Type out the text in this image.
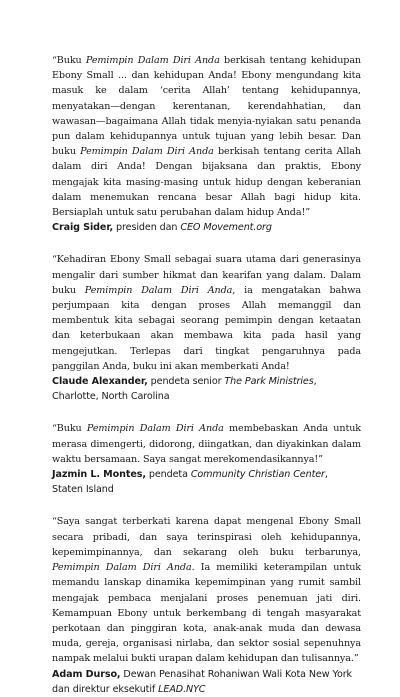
“Buku Pemimpin Dalam Diri Anda berkisah tentang kehidupan Ebony Small ... dan kehidupan Anda! Ebony mengundang kita masuk ke dalam ‘cerita Allah’ tentang kehidupannya, menyatakan—dengan kerentanan, kerendahhatian, dan wawasan—bagaimana Allah tidak menyia-nyiakan satu penanda pun dalam kehidupannya untuk tujuan yang lebih besar. Dan buku Pemimpin Dalam Diri Anda berkisah tentang cerita Allah dalam diri Anda! Dengan bijaksana dan praktis, Ebony mengajak kita masing-masing untuk hidup dengan keberanian dalam menemukan rencana besar Allah bagi hidup kita. Bersiaplah untuk satu perubahan dalam hidup Anda!”

Craig Sider, presiden dan CEO Movement.org

“Kehadiran Ebony Small sebagai suara utama dari generasinya mengalir dari sumber hikmat dan kearifan yang dalam. Dalam buku Pemimpin Dalam Diri Anda, ia mengatakan bahwa perjumpaan kita dengan proses Allah memanggil dan membentuk kita sebagai seorang pemimpin dengan ketaatan dan keterbukaan akan membawa kita pada hasil yang mengejutkan. Terlepas dari tingkat pengaruhnya pada panggilan Anda, buku ini akan memberkati Anda!

Claude Alexander, pendeta senior The Park Ministries, Charlotte, North Carolina

“Buku Pemimpin Dalam Diri Anda membebaskan Anda untuk merasa dimengerti, didorong, diingatkan, dan diyakinkan dalam waktu bersamaan. Saya sangat merekomendasikannya!”

Jazmin L. Montes, pendeta Community Christian Center, Staten Island

“Saya sangat terberkati karena dapat mengenal Ebony Small secara pribadi, dan saya terinspirasi oleh kehidupannya, kepemimpinannya, dan sekarang oleh buku terbarunya, Pemimpin Dalam Diri Anda. Ia memiliki keterampilan untuk memandu lanskap dinamika kepemimpinan yang rumit sambil mengajak pembaca menjalani proses penemuan jati diri. Kemampuan Ebony untuk berkembang di tengah masyarakat perkotaan dan pinggiran kota, anak-anak muda dan dewasa muda, gereja, organisasi nirlaba, dan sektor sosial sepenuhnya nampak melalui bukti urapan dalam kehidupan dan tulisannya.”

Adam Durso, Dewan Penasihat Rohaniwan Wali Kota New York dan direktur eksekutif LEAD.NYC
